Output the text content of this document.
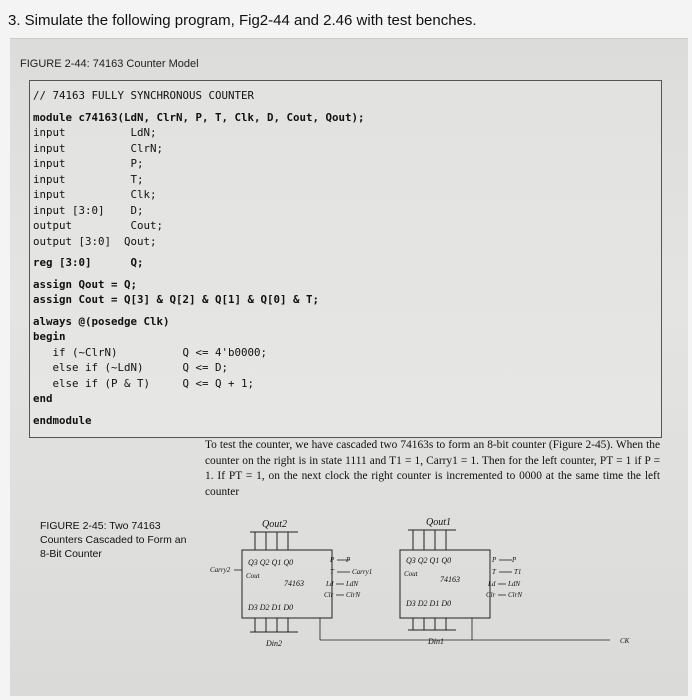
3. Simulate the following program, Fig2-44 and 2.46 with test benches.
FIGURE 2-44: 74163 Counter Model
// 74163 FULLY SYNCHRONOUS COUNTER

module c74163(LdN, ClrN, P, T, Clk, D, Cout, Qout);
input          LdN;
input          ClrN;
input          P;
input          T;
input          Clk;
input [3:0]    D;
output         Cout;
output [3:0]  Qout;

reg [3:0]      Q;

assign Qout = Q;
assign Cout = Q[3] & Q[2] & Q[1] & Q[0] & T;

always @(posedge Clk)
begin
if (~ClrN)          Q <= 4'b0000;
else if (~LdN)      Q <= D;
else if (P & T)     Q <= Q + 1;
end

endmodule
To test the counter, we have cascaded two 74163s to form an 8-bit counter (Figure 2-45). When the counter on the right is in state 1111 and T1 = 1, Carry1 = 1. Then for the left counter, PT = 1 if P = 1. If PT = 1, on the next clock the right counter is incremented to 0000 at the same time the left counter
FIGURE 2-45: Two 74163 Counters Cascaded to Form an 8-Bit Counter
Qout2	Qout1
Q3 Q2 Q1 Q0
Cout
74163
D3 D2 D1 D0
Q3 Q2 Q1 Q0
Cout
74163
D3 D2 D1 D0
P
T
Ld
Clr
LdN
ClrN
P
Carry1
P
T
Ld
Clr
LdN
ClrN
P
T1
Carry2
Din2	Din1	CK
